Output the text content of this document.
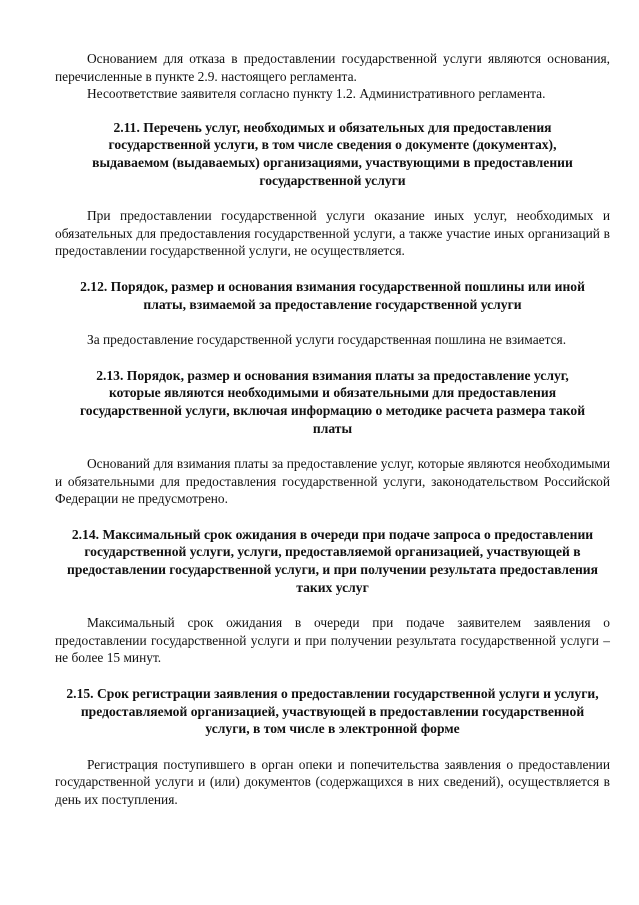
Основанием для отказа в предоставлении государственной услуги являются основания, перечисленные в пункте 2.9. настоящего регламента.

Несоответствие заявителя согласно пункту 1.2. Административного регламента.

2.11. Перечень услуг, необходимых и обязательных для предоставления государственной услуги, в том числе сведения о документе (документах), выдаваемом (выдаваемых) организациями, участвующими в предоставлении государственной услуги

При предоставлении государственной услуги оказание иных услуг, необходимых и обязательных для предоставления государственной услуги, а также участие иных организаций в предоставлении государственной услуги, не осуществляется.

2.12. Порядок, размер и основания взимания государственной пошлины или иной платы, взимаемой за предоставление государственной услуги

За предоставление государственной услуги государственная пошлина не взимается.

2.13. Порядок, размер и основания взимания платы за предоставление услуг, которые являются необходимыми и обязательными для предоставления государственной услуги, включая информацию о методике расчета размера такой платы

Оснований для взимания платы за предоставление услуг, которые являются необходимыми и обязательными для предоставления государственной услуги, законодательством Российской Федерации не предусмотрено.

2.14. Максимальный срок ожидания в очереди при подаче запроса о предоставлении государственной услуги, услуги, предоставляемой организацией, участвующей в предоставлении государственной услуги, и при получении результата предоставления таких услуг

Максимальный срок ожидания в очереди при подаче заявителем заявления о предоставлении государственной услуги и при получении результата государственной услуги – не более 15 минут.

2.15. Срок регистрации заявления о предоставлении государственной услуги и услуги, предоставляемой организацией, участвующей в предоставлении государственной услуги, в том числе в электронной форме

Регистрация поступившего в орган опеки и попечительства заявления о предоставлении государственной услуги и (или) документов (содержащихся в них сведений), осуществляется в день их поступления.
